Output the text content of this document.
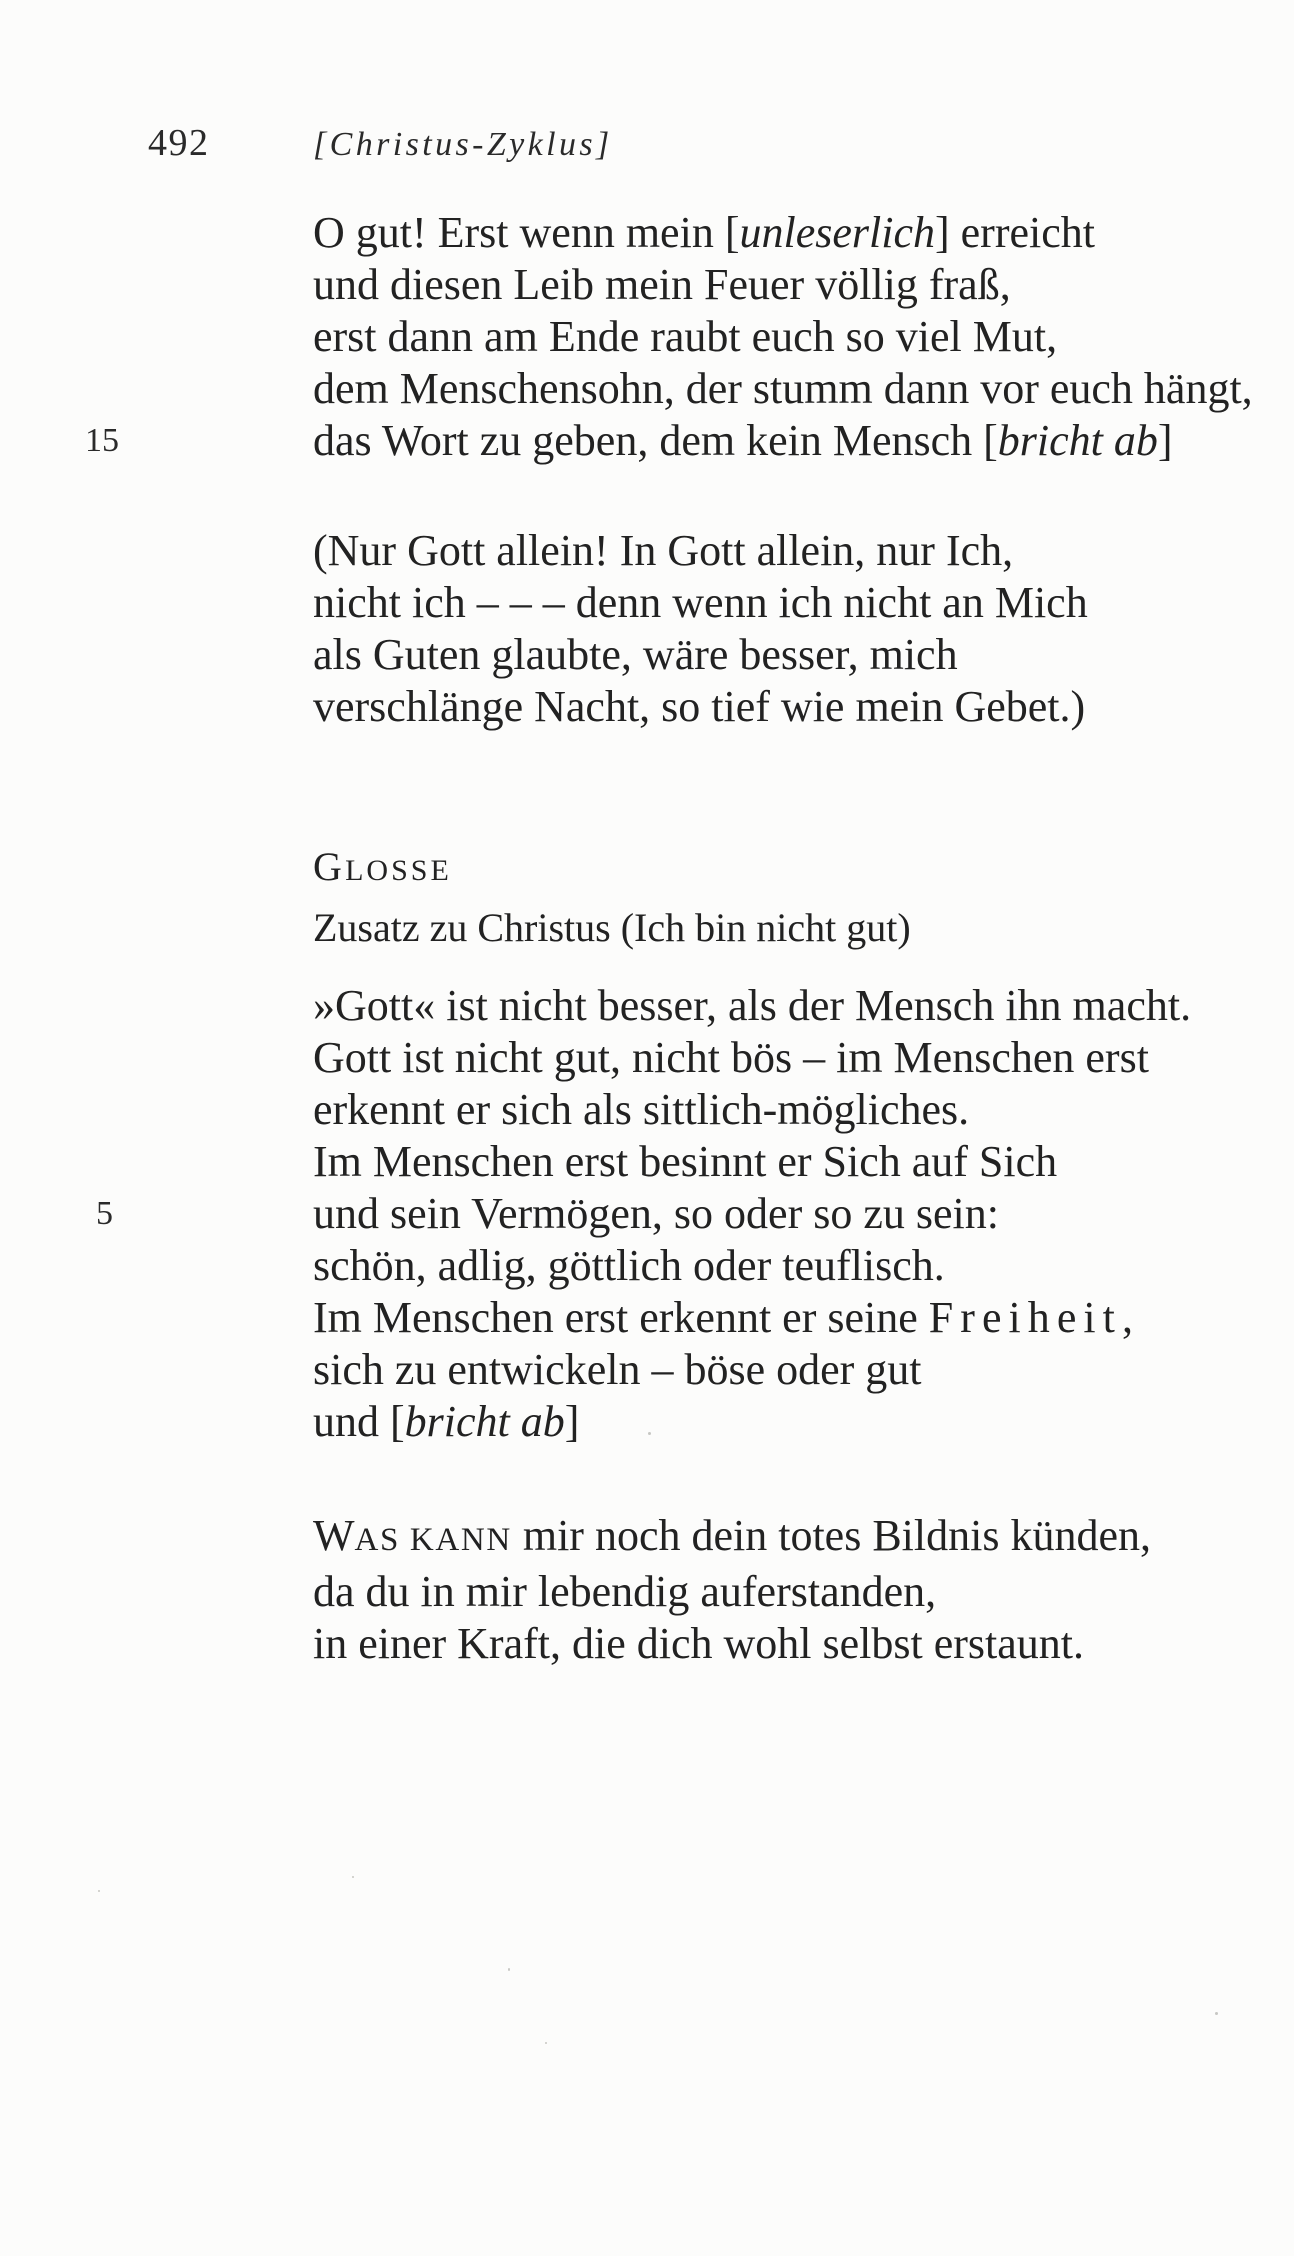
492	[Christus-Zyklus]
15
5
O gut! Erst wenn mein [unleserlich] erreicht
und diesen Leib mein Feuer völlig fraß,
erst dann am Ende raubt euch so viel Mut,
dem Menschensohn, der stumm dann vor euch hängt,
das Wort zu geben, dem kein Mensch [bricht ab]
(Nur Gott allein! In Gott allein, nur Ich,
nicht ich – – – denn wenn ich nicht an Mich
als Guten glaubte, wäre besser, mich
verschlänge Nacht, so tief wie mein Gebet.)
GLOSSE
Zusatz zu Christus (Ich bin nicht gut)
»Gott« ist nicht besser, als der Mensch ihn macht.
Gott ist nicht gut, nicht bös – im Menschen erst
erkennt er sich als sittlich-mögliches.
Im Menschen erst besinnt er Sich auf Sich
und sein Vermögen, so oder so zu sein:
schön, adlig, göttlich oder teuflisch.
Im Menschen erst erkennt er seine Freiheit,
sich zu entwickeln – böse oder gut
und [bricht ab]
WAS KANN mir noch dein totes Bildnis künden,
da du in mir lebendig auferstanden,
in einer Kraft, die dich wohl selbst erstaunt.
